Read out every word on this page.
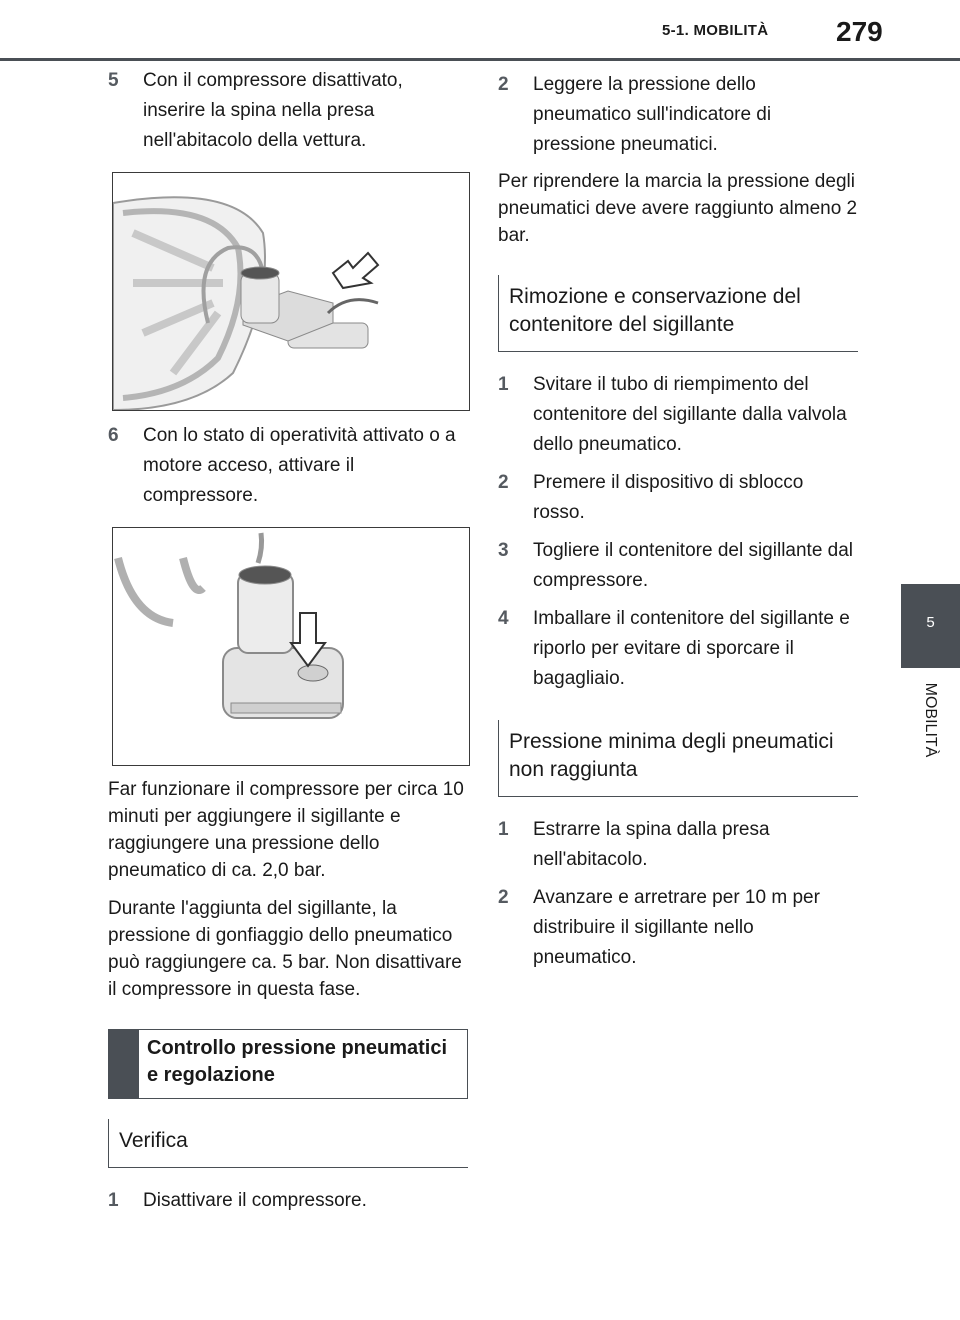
5-1. MOBILITÀ 279
5
MOBILITÀ
5 Con il compressore disattivato, inserire la spina nella presa nell'abitacolo della vettura.
6 Con lo stato di operatività attivato o a motore acceso, attivare il compressore.

Far funzionare il compressore per circa 10 minuti per aggiungere il sigillante e raggiungere una pressione dello pneumatico di ca. 2,0 bar.

Durante l'aggiunta del sigillante, la pressione di gonfiaggio dello pneumatico può raggiungere ca. 5 bar. Non disattivare il compressore in questa fase.

Controllo pressione pneumatici e regolazione
Verifica
1 Disattivare il compressore.
2 Leggere la pressione dello pneumatico sull'indicatore di pressione pneumatici.

Per riprendere la marcia la pressione degli pneumatici deve avere raggiunto almeno 2 bar.

Rimozione e conservazione del contenitore del sigillante
1 Svitare il tubo di riempimento del contenitore del sigillante dalla valvola dello pneumatico.
2 Premere il dispositivo di sblocco rosso.
3 Togliere il contenitore del sigillante dal compressore.
4 Imballare il contenitore del sigillante e riporlo per evitare di sporcare il bagagliaio.
Pressione minima degli pneumatici non raggiunta
1 Estrarre la spina dalla presa nell'abitacolo.
2 Avanzare e arretrare per 10 m per distribuire il sigillante nello pneumatico.
